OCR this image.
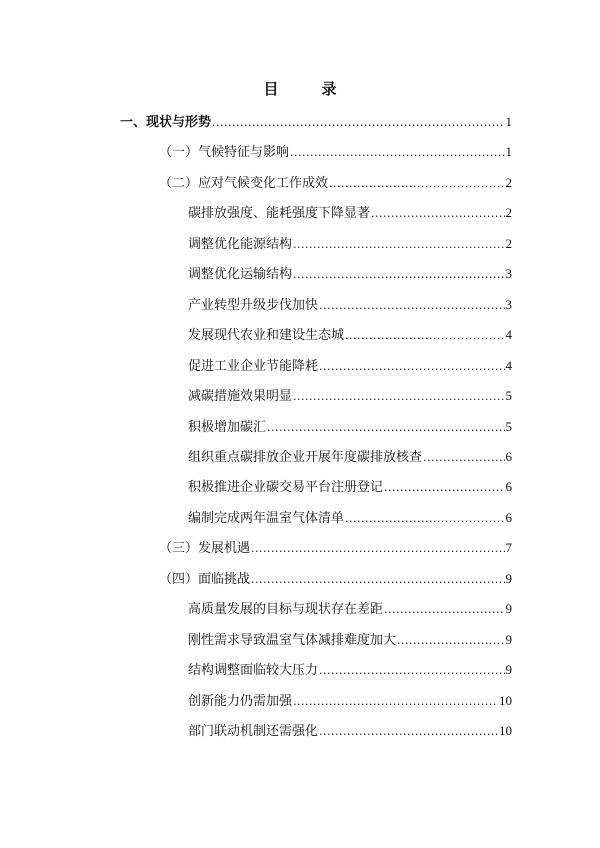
目　录
一、现状与形势 .....	1
（一）气候特征与影响 .....	1
（二）应对气候变化工作成效 .....	2
碳排放强度、能耗强度下降显著 .....	2
调整优化能源结构 .....	2
调整优化运输结构 .....	3
产业转型升级步伐加快 .....	3
发展现代农业和建设生态城 .....	4
促进工业企业节能降耗 .....	4
减碳措施效果明显 .....	5
积极增加碳汇 .....	5
组织重点碳排放企业开展年度碳排放核查 .....	6
积极推进企业碳交易平台注册登记 .....	6
编制完成两年温室气体清单 .....	6
（三）发展机遇 .....	7
（四）面临挑战 .....	9
高质量发展的目标与现状存在差距 .....	9
刚性需求导致温室气体减排难度加大 .....	9
结构调整面临较大压力 .....	9
创新能力仍需加强 .....	10
部门联动机制还需强化 .....	10
